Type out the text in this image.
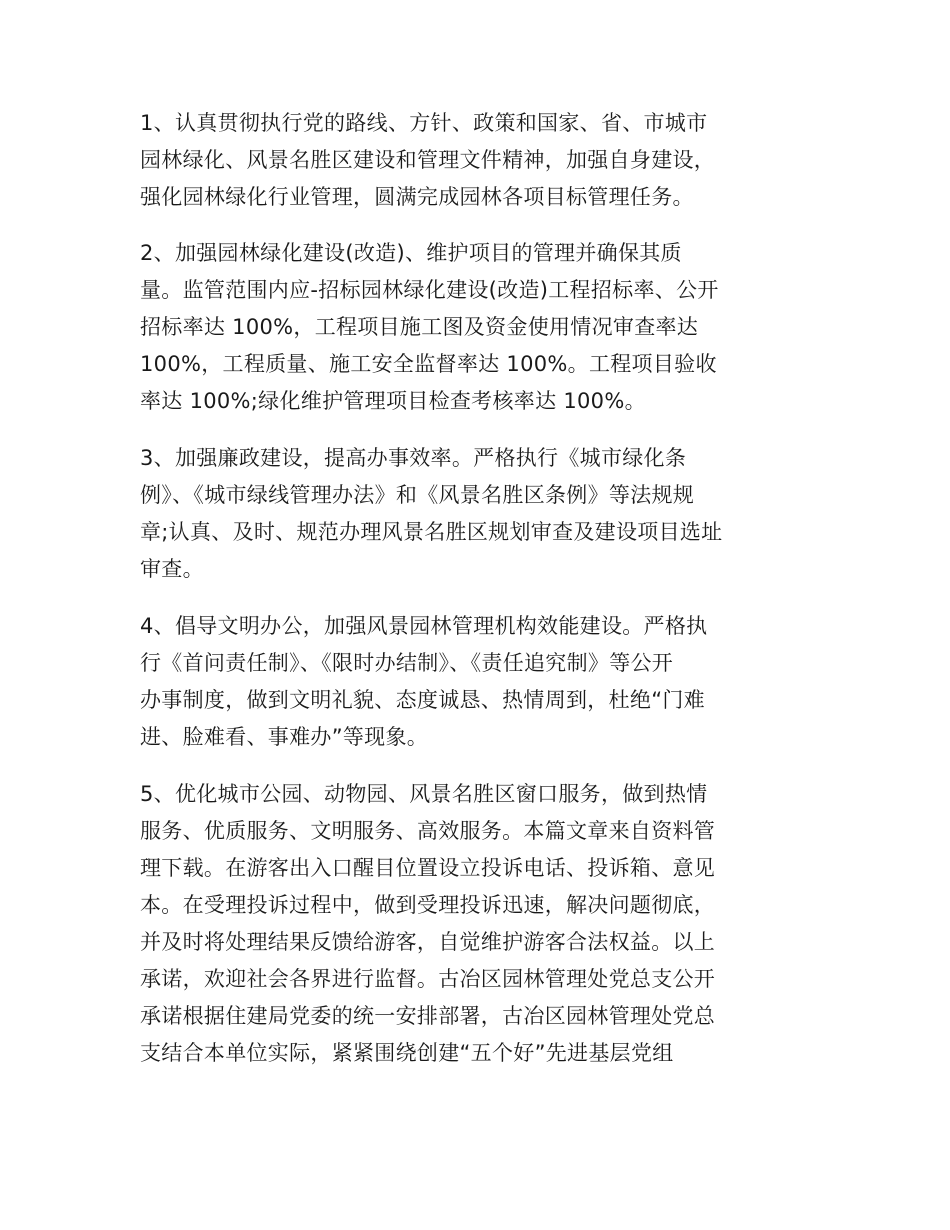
1、认真贯彻执行党的路线、方针、政策和国家、省、市城市
园林绿化、风景名胜区建设和管理文件精神，加强自身建设，
强化园林绿化行业管理，圆满完成园林各项目标管理任务。
2、加强园林绿化建设(改造)、维护项目的管理并确保其质
量。监管范围内应-招标园林绿化建设(改造)工程招标率、公开
招标率达 100%，工程项目施工图及资金使用情况审查率达
100%，工程质量、施工安全监督率达 100%。工程项目验收
率达 100%;绿化维护管理项目检查考核率达 100%。
3、加强廉政建设，提高办事效率。严格执行《城市绿化条
例》、《城市绿线管理办法》和《风景名胜区条例》等法规规
章;认真、及时、规范办理风景名胜区规划审查及建设项目选址
审查。
4、倡导文明办公，加强风景园林管理机构效能建设。严格执
行《首问责任制》、《限时办结制》、《责任追究制》等公开
办事制度，做到文明礼貌、态度诚恳、热情周到，杜绝“门难
进、脸难看、事难办”等现象。
5、优化城市公园、动物园、风景名胜区窗口服务，做到热情
服务、优质服务、文明服务、高效服务。本篇文章来自资料管
理下载。在游客出入口醒目位置设立投诉电话、投诉箱、意见
本。在受理投诉过程中，做到受理投诉迅速，解决问题彻底，
并及时将处理结果反馈给游客，自觉维护游客合法权益。以上
承诺，欢迎社会各界进行监督。古冶区园林管理处党总支公开
承诺根据住建局党委的统一安排部署，古冶区园林管理处党总
支结合本单位实际，紧紧围绕创建“五个好”先进基层党组
